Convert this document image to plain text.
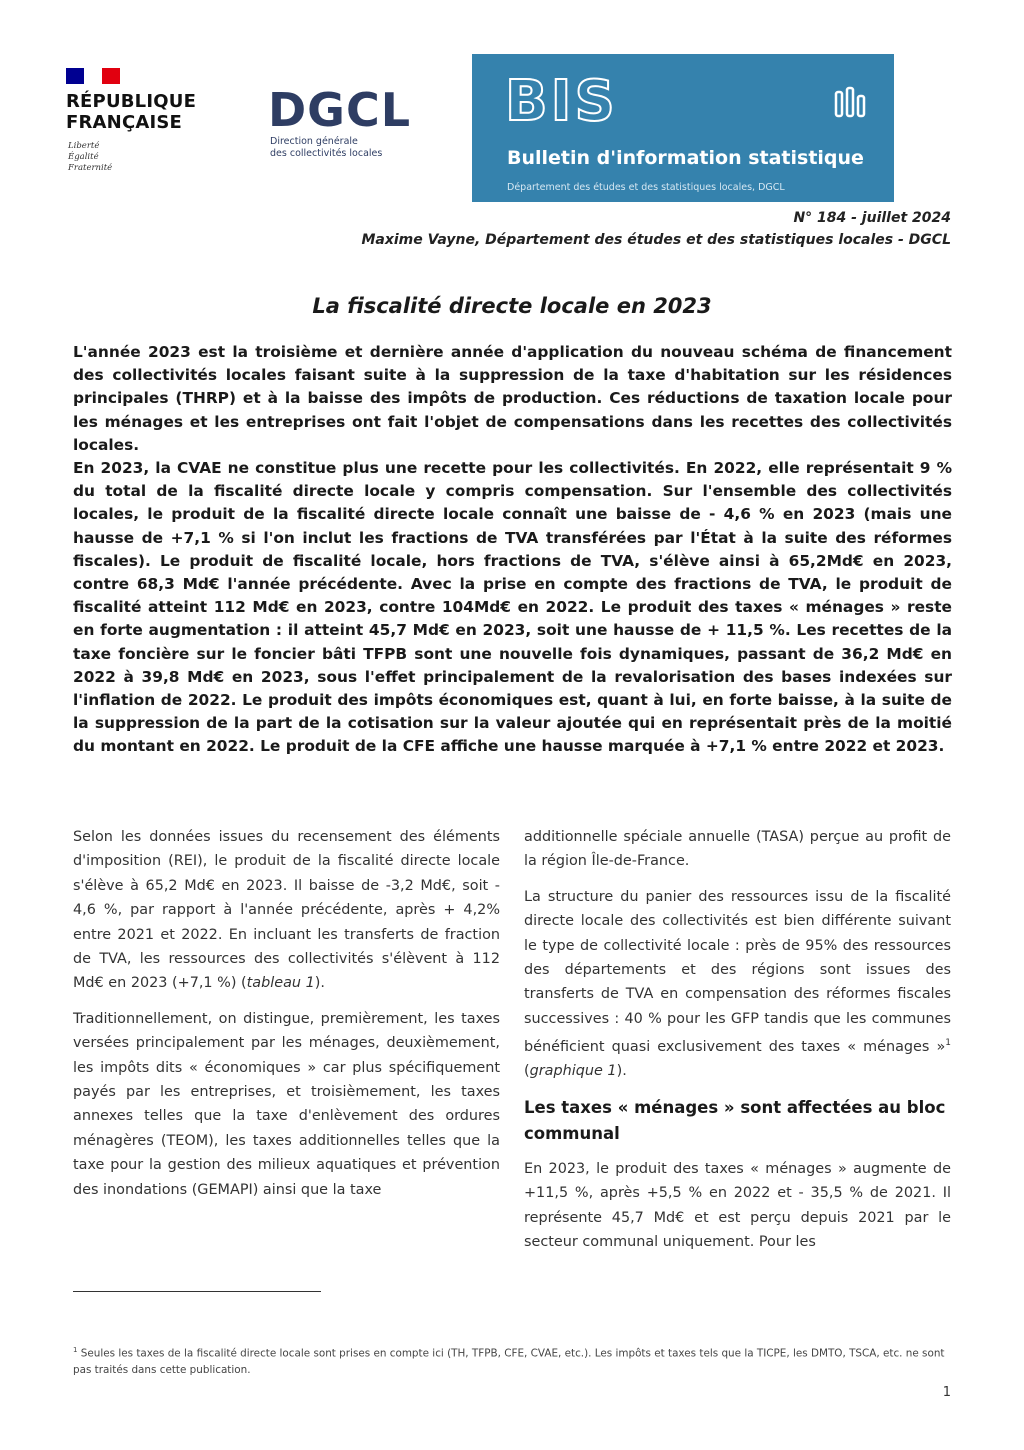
RÉPUBLIQUE
FRANÇAISE
Liberté
Égalité
Fraternité
DGCL
Direction générale
des collectivités locales
BIS
Bulletin d'information statistique
Département des études et des statistiques locales, DGCL
N° 184 - juillet 2024
Maxime Vayne, Département des études et des statistiques locales - DGCL
La fiscalité directe locale en 2023

L'année 2023 est la troisième et dernière année d'application du nouveau schéma de financement des collectivités locales faisant suite à la suppression de la taxe d'habitation sur les résidences principales (THRP) et à la baisse des impôts de production. Ces réductions de taxation locale pour les ménages et les entreprises ont fait l'objet de compensations dans les recettes des collectivités locales.

En 2023, la CVAE ne constitue plus une recette pour les collectivités. En 2022, elle représentait 9 % du total de la fiscalité directe locale y compris compensation. Sur l'ensemble des collectivités locales, le produit de la fiscalité directe locale connaît une baisse de - 4,6 % en 2023 (mais une hausse de +7,1 % si l'on inclut les fractions de TVA transférées par l'État à la suite des réformes fiscales). Le produit de fiscalité locale, hors fractions de TVA, s'élève ainsi à 65,2Md€ en 2023, contre 68,3 Md€ l'année précédente. Avec la prise en compte des fractions de TVA, le produit de fiscalité atteint 112 Md€ en 2023, contre 104Md€ en 2022. Le produit des taxes « ménages » reste en forte augmentation : il atteint 45,7 Md€ en 2023, soit une hausse de + 11,5 %. Les recettes de la taxe foncière sur le foncier bâti TFPB sont une nouvelle fois dynamiques, passant de 36,2 Md€ en 2022 à 39,8 Md€ en 2023, sous l'effet principalement de la revalorisation des bases indexées sur l'inflation de 2022. Le produit des impôts économiques est, quant à lui, en forte baisse, à la suite de la suppression de la part de la cotisation sur la valeur ajoutée qui en représentait près de la moitié du montant en 2022. Le produit de la CFE affiche une hausse marquée à +7,1 % entre 2022 et 2023.

Selon les données issues du recensement des éléments d'imposition (REI), le produit de la fiscalité directe locale s'élève à 65,2 Md€ en 2023. Il baisse de -3,2 Md€, soit - 4,6 %, par rapport à l'année précédente, après + 4,2% entre 2021 et 2022. En incluant les transferts de fraction de TVA, les ressources des collectivités s'élèvent à 112 Md€ en 2023 (+7,1 %) (tableau 1).

Traditionnellement, on distingue, premièrement, les taxes versées principalement par les ménages, deuxièmement, les impôts dits « économiques » car plus spécifiquement payés par les entreprises, et troisièmement, les taxes annexes telles que la taxe d'enlèvement des ordures ménagères (TEOM), les taxes additionnelles telles que la taxe pour la gestion des milieux aquatiques et prévention des inondations (GEMAPI) ainsi que la taxe

additionnelle spéciale annuelle (TASA) perçue au profit de la région Île-de-France.

La structure du panier des ressources issu de la fiscalité directe locale des collectivités est bien différente suivant le type de collectivité locale : près de 95% des ressources des départements et des régions sont issues des transferts de TVA en compensation des réformes fiscales successives : 40 % pour les GFP tandis que les communes bénéficient quasi exclusivement des taxes « ménages »$^1$ (graphique 1).

Les taxes « ménages » sont affectées au bloc communal

En 2023, le produit des taxes « ménages » augmente de +11,5 %, après +5,5 % en 2022 et - 35,5 % de 2021. Il représente 45,7 Md€ et est perçu depuis 2021 par le secteur communal uniquement. Pour les

$^1$ Seules les taxes de la fiscalité directe locale sont prises en compte ici (TH, TFPB, CFE, CVAE, etc.). Les impôts et taxes tels que la TICPE, les DMTO, TSCA, etc. ne sont pas traités dans cette publication.
1
